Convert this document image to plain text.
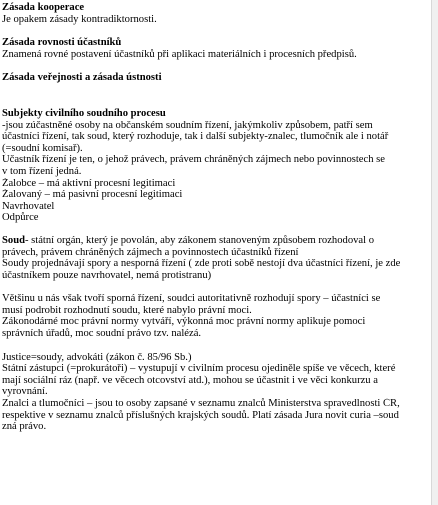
Zásada kooperace
Je opakem zásady kontradiktornosti.
Zásada rovnosti účastníků
Znamená rovné postavení účastníků při aplikaci materiálních i procesních předpisů.
Zásada veřejnosti a zásada ústnosti
Subjekty civilního soudního procesu
-jsou zúčastněné osoby na občanském soudním řízení, jakýmkoliv způsobem, patří sem
účastníci řízení, tak soud, který rozhoduje, tak i další subjekty-znalec, tlumočník ale i notář
(=soudní komisař).
Účastník řízení je ten, o jehož právech, právem chráněných zájmech nebo povinnostech se
v tom řízení jedná.
Žalobce – má aktivní procesní legitimaci
Žalovaný – má pasivní procesní legitimaci
Navrhovatel
Odpůrce
Soud- státní orgán, který je povolán, aby zákonem stanoveným způsobem rozhodoval o
právech, právem chráněných zájmech a povinnostech účastníků řízení
Soudy projednávají spory a nesporná řízení ( zde proti sobě nestojí dva účastníci řízení, je zde
účastníkem pouze navrhovatel, nemá protistranu)
Většinu u nás však tvoří sporná řízení, soudci autoritativně rozhodují spory – účastníci se
musí podrobit rozhodnutí soudu, které nabylo právní moci.
Zákonodárné moc právní normy vytváří, výkonná moc právní normy aplikuje pomoci
správních úřadů, moc soudní právo tzv. nalézá.
Justice=soudy, advokáti (zákon č. 85/96 Sb.)
Státní zástupci (=prokurátoři) – vystupují v civilním procesu ojediněle spíše ve věcech, které
mají sociální ráz (např. ve věcech otcovství atd.), mohou se účastnit i ve věci konkurzu a
vyrovnání.
Znalci a tlumočníci – jsou to osoby zapsané v seznamu znalců Ministerstva spravedlnosti ČR,
respektive v seznamu znalců příslušných krajských soudů. Platí zásada Jura novit curia –soud
zná právo.
